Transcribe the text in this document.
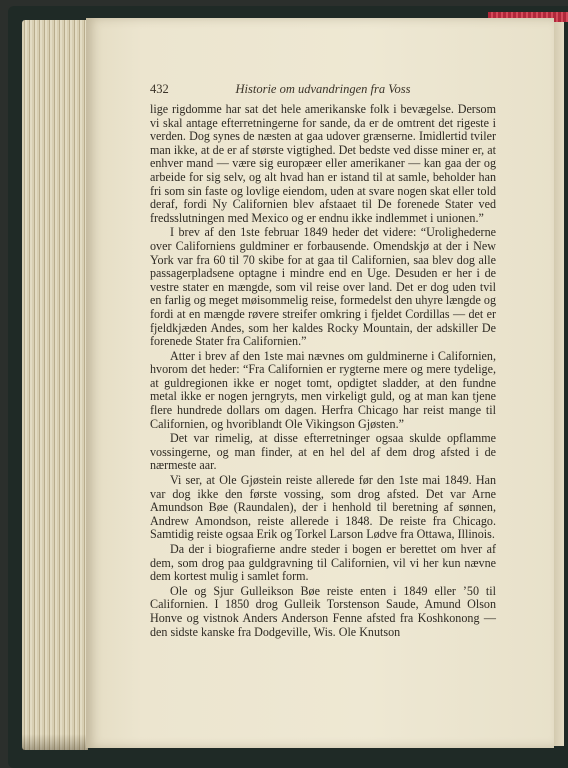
432	Historie om udvandringen fra Voss

lige rigdomme har sat det hele amerikanske folk i bevægelse. Dersom vi skal antage efterretningerne for sande, da er de omtrent det rigeste i verden. Dog synes de næsten at gaa udover grænserne. Imidlertid tviler man ikke, at de er af største vigtighed. Det bedste ved disse miner er, at enhver mand — være sig europæer eller amerikaner — kan gaa der og arbeide for sig selv, og alt hvad han er istand til at samle, beholder han fri som sin faste og lovlige eiendom, uden at svare nogen skat eller told deraf, fordi Ny Californien blev afstaaet til De forenede Stater ved fredsslutningen med Mexico og er endnu ikke indlemmet i unionen.”

I brev af den 1ste februar 1849 heder det videre: “Urolighederne over Californiens guldminer er forbausende. Omendskjø at der i New York var fra 60 til 70 skibe for at gaa til Californien, saa blev dog alle passagerpladsene optagne i mindre end en Uge. Desuden er her i de vestre stater en mængde, som vil reise over land. Det er dog uden tvil en farlig og meget møisommelig reise, formedelst den uhyre længde og fordi at en mængde røvere streifer omkring i fjeldet Cordillas — det er fjeldkjæden Andes, som her kaldes Rocky Mountain, der adskiller De forenede Stater fra Californien.”

Atter i brev af den 1ste mai nævnes om guldminerne i Californien, hvorom det heder: “Fra Californien er rygterne mere og mere tydelige, at guldregionen ikke er noget tomt, opdigtet sladder, at den fundne metal ikke er nogen jerngryts, men virkeligt guld, og at man kan tjene flere hundrede dollars om dagen. Herfra Chicago har reist mange til Californien, og hvoriblandt Ole Vikingson Gjøsten.”

Det var rimelig, at disse efterretninger ogsaa skulde opflamme vossingerne, og man finder, at en hel del af dem drog afsted i de nærmeste aar.

Vi ser, at Ole Gjøstein reiste allerede før den 1ste mai 1849. Han var dog ikke den første vossing, som drog afsted. Det var Arne Amundson Bøe (Raundalen), der i henhold til beretning af sønnen, Andrew Amondson, reiste allerede i 1848. De reiste fra Chicago. Samtidig reiste ogsaa Erik og Torkel Larson Lødve fra Ottawa, Illinois.

Da der i biografierne andre steder i bogen er berettet om hver af dem, som drog paa guldgravning til Californien, vil vi her kun nævne dem kortest mulig i samlet form.

Ole og Sjur Gulleikson Bøe reiste enten i 1849 eller ’50 til Californien. I 1850 drog Gulleik Torstenson Saude, Amund Olson Honve og vistnok Anders Anderson Fenne afsted fra Koshkonong — den sidste kanske fra Dodgeville, Wis. Ole Knutson
